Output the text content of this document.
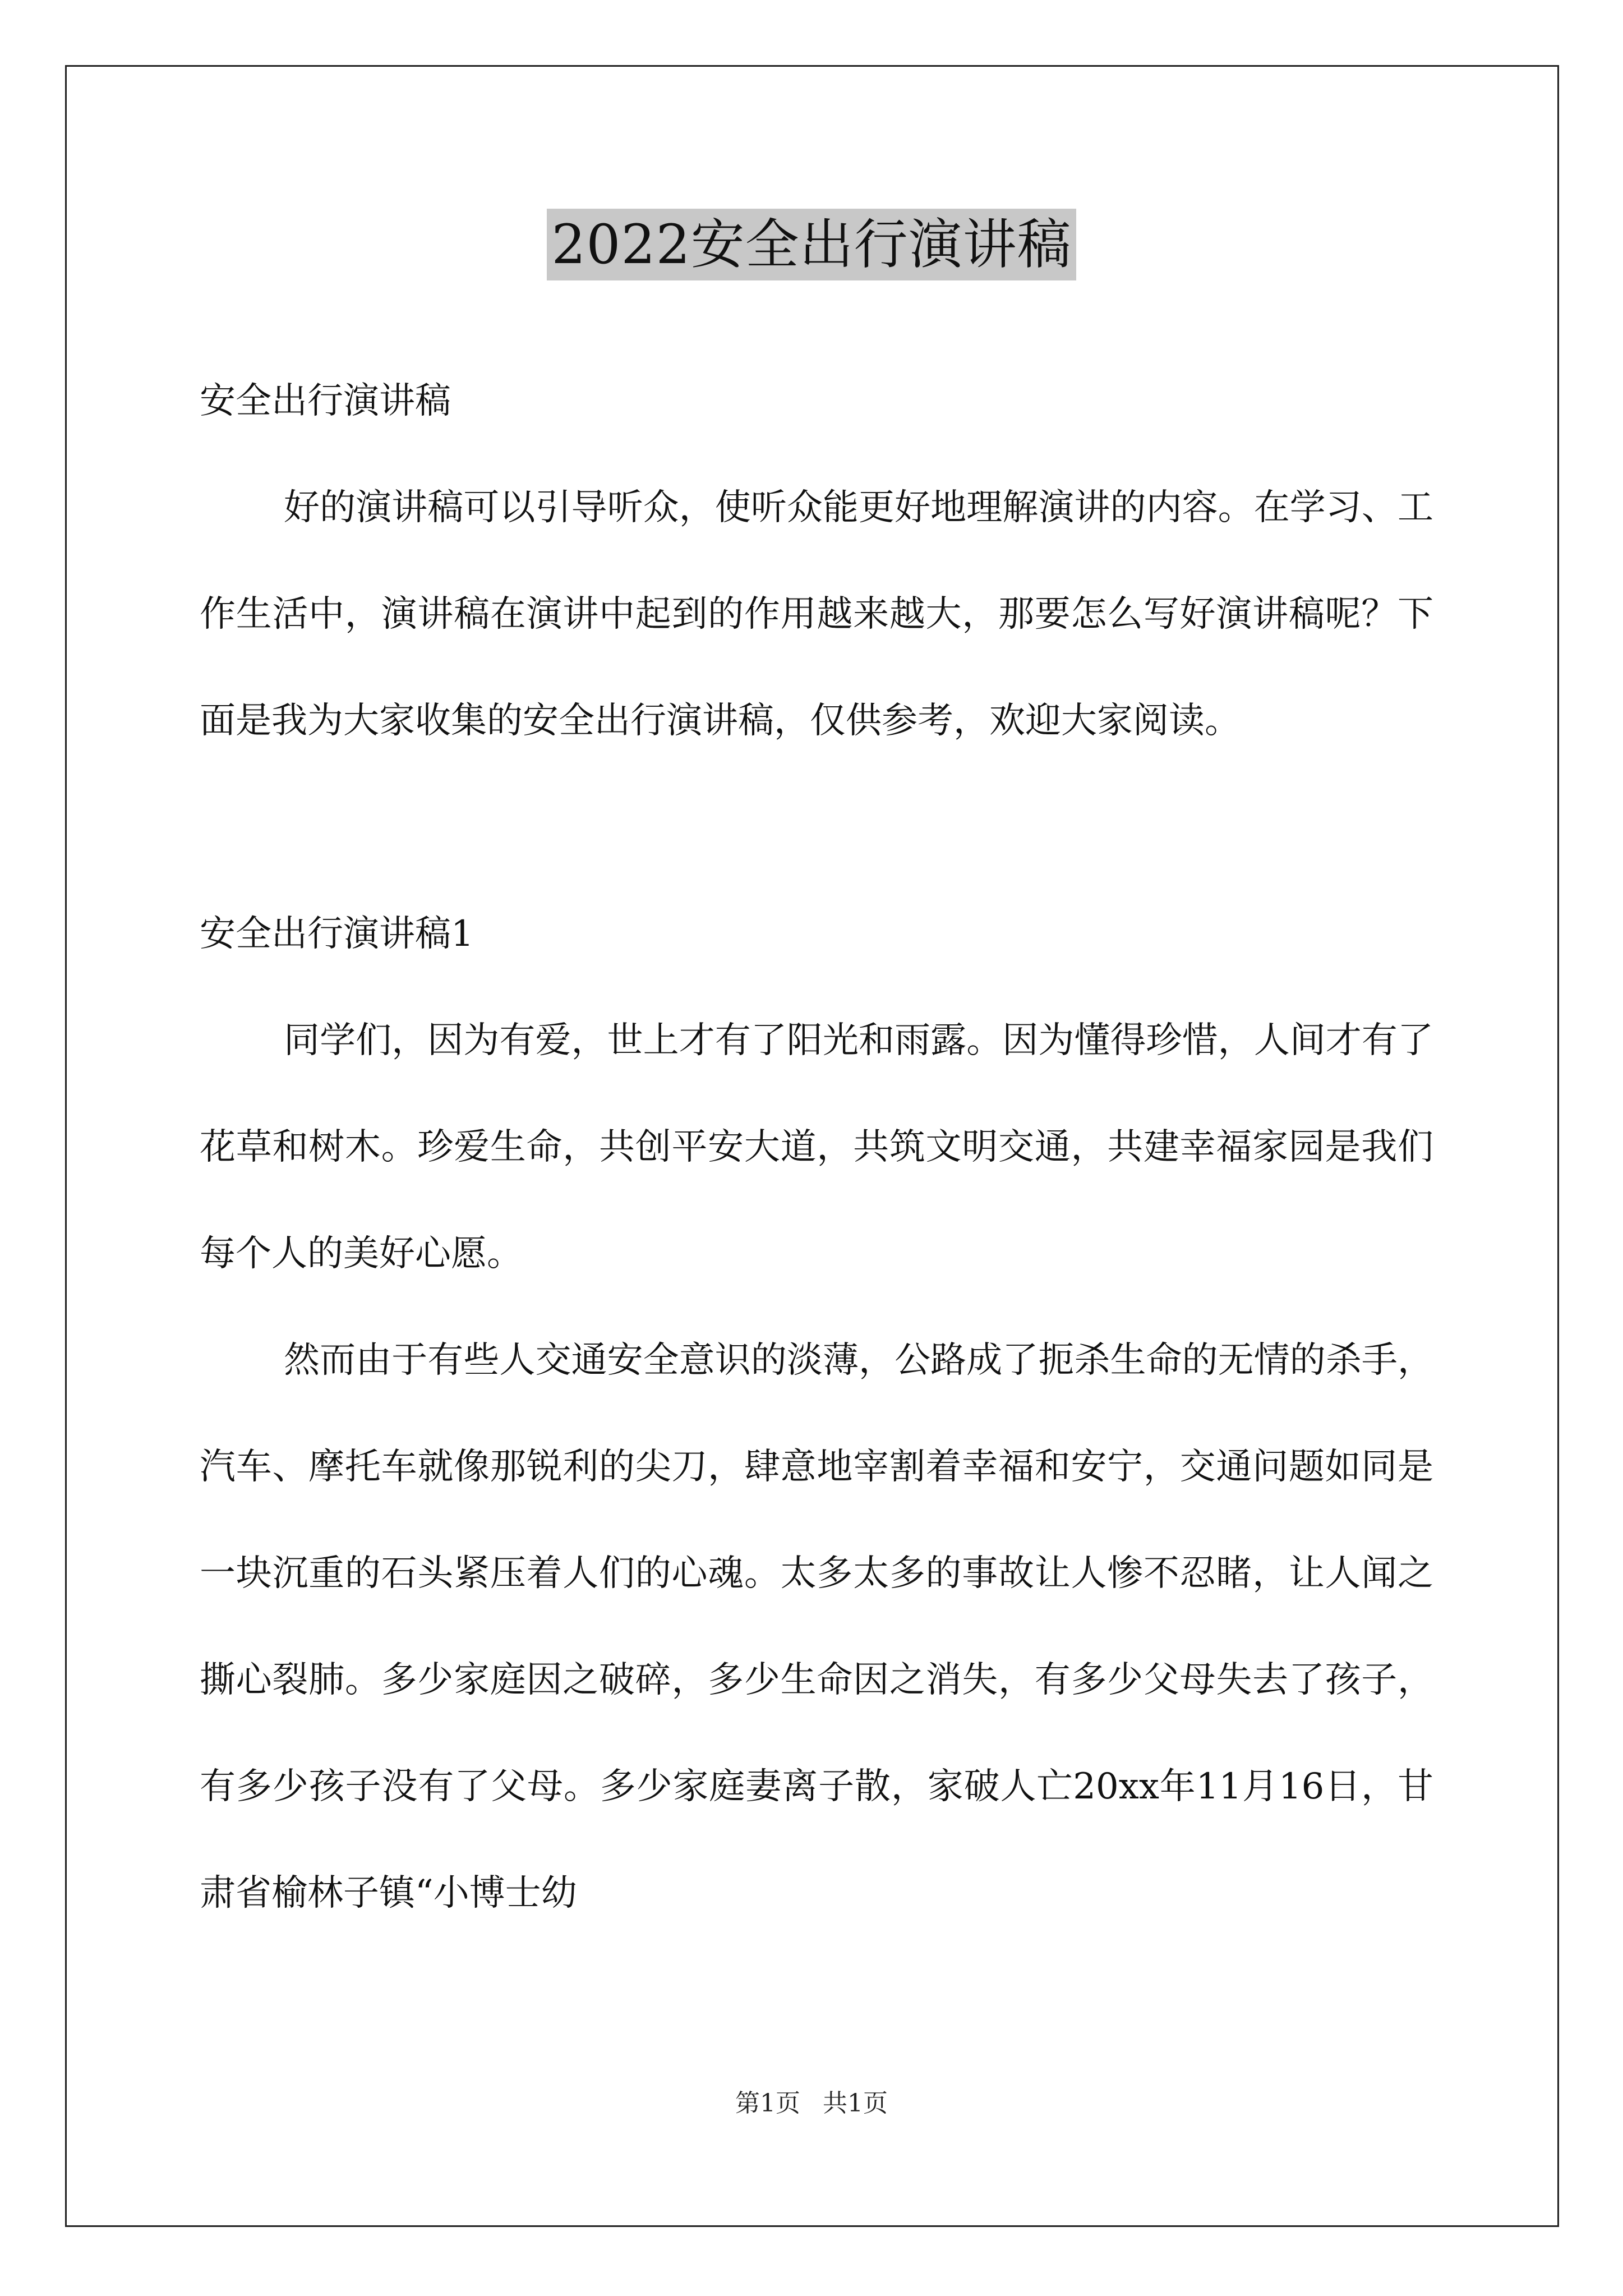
2022安全出行演讲稿

安全出行演讲稿

好的演讲稿可以引导听众，使听众能更好地理解演讲的内容。在学习、工作生活中，演讲稿在演讲中起到的作用越来越大，那要怎么写好演讲稿呢？下面是我为大家收集的安全出行演讲稿，仅供参考，欢迎大家阅读。

安全出行演讲稿1

同学们，因为有爱，世上才有了阳光和雨露。因为懂得珍惜，人间才有了花草和树木。珍爱生命，共创平安大道，共筑文明交通，共建幸福家园是我们每个人的美好心愿。

然而由于有些人交通安全意识的淡薄，公路成了扼杀生命的无情的杀手，汽车、摩托车就像那锐利的尖刀，肆意地宰割着幸福和安宁，交通问题如同是一块沉重的石头紧压着人们的心魂。太多太多的事故让人惨不忍睹，让人闻之撕心裂肺。多少家庭因之破碎，多少生命因之消失，有多少父母失去了孩子，有多少孩子没有了父母。多少家庭妻离子散，家破人亡20xx年11月16日，甘肃省榆林子镇“小博士幼

第1页 共1页
